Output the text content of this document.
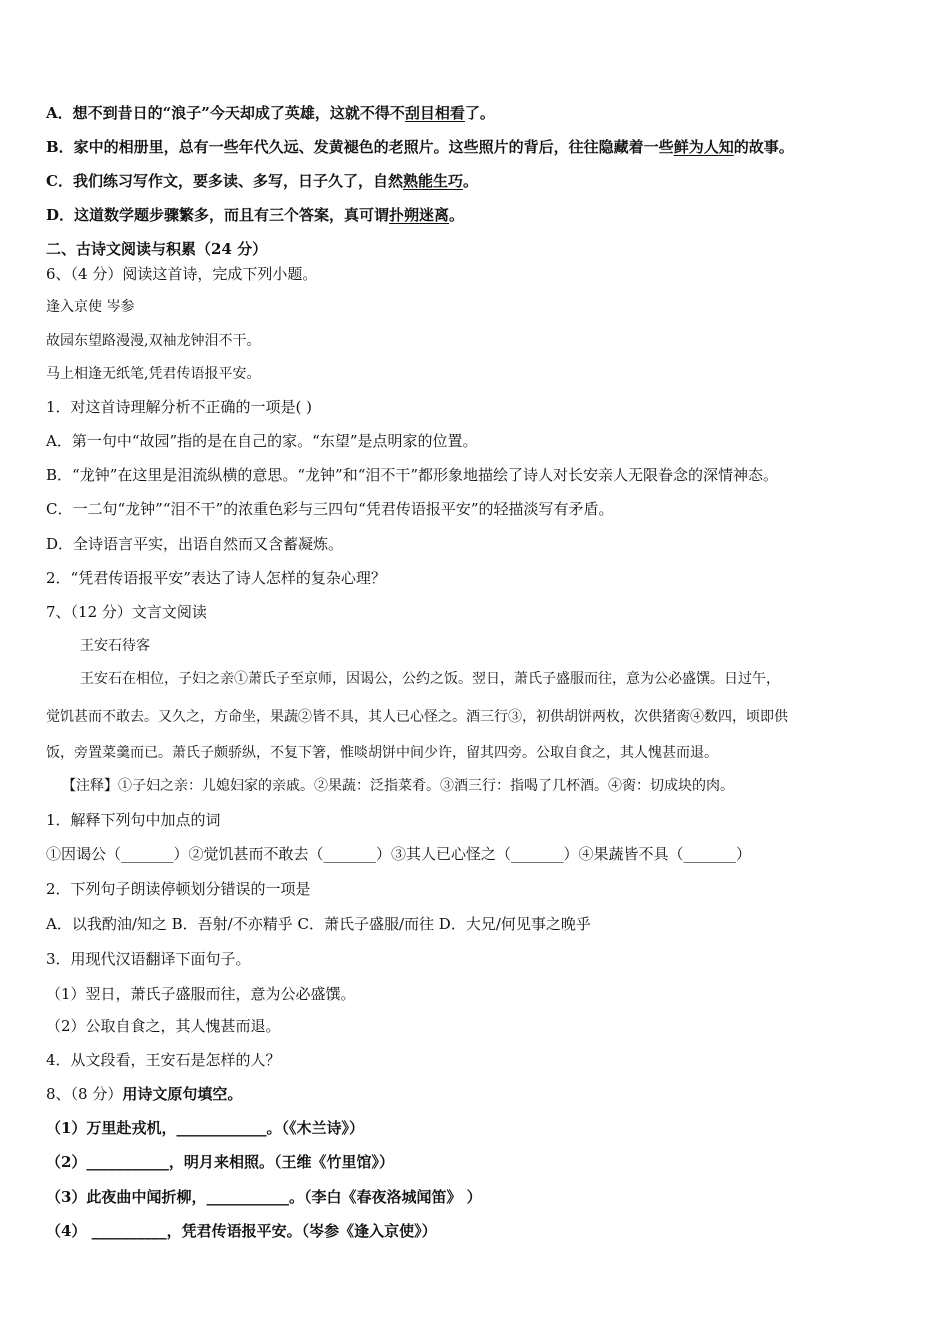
A．想不到昔日的“浪子”今天却成了英雄，这就不得不刮目相看了。
B．家中的相册里，总有一些年代久远、发黄褪色的老照片。这些照片的背后，往往隐藏着一些鲜为人知的故事。
C．我们练习写作文，要多读、多写，日子久了，自然熟能生巧。
D．这道数学题步骤繁多，而且有三个答案，真可谓扑朔迷离。
二、古诗文阅读与积累（24 分）
6、（4 分）阅读这首诗，完成下列小题。
逢入京使 岑参
故园东望路漫漫,双袖龙钟泪不干。
马上相逢无纸笔,凭君传语报平安。
1．对这首诗理解分析不正确的一项是( )
A．第一句中“故园”指的是在自己的家。“东望”是点明家的位置。
B．“龙钟”在这里是泪流纵横的意思。“龙钟”和“泪不干”都形象地描绘了诗人对长安亲人无限眷念的深情神态。
C．一二句“龙钟”“泪不干”的浓重色彩与三四句“凭君传语报平安”的轻描淡写有矛盾。
D．全诗语言平实，出语自然而又含蓄凝炼。
2．“凭君传语报平安”表达了诗人怎样的复杂心理？
7、（12 分）文言文阅读
王安石待客
王安石在相位，子妇之亲①萧氏子至京师，因谒公，公约之饭。翌日，萧氏子盛服而往，意为公必盛馔。日过午，
觉饥甚而不敢去。又久之，方命坐，果蔬②皆不具，其人已心怪之。酒三行③，初供胡饼两枚，次供猪脔④数四，顷即供
饭，旁置菜羹而已。萧氏子颇骄纵，不复下箸，惟啖胡饼中间少许，留其四旁。公取自食之，其人愧甚而退。
【注释】①子妇之亲：儿媳妇家的亲戚。②果蔬：泛指菜肴。③酒三行：指喝了几杯酒。④脔：切成块的肉。
1．解释下列句中加点的词
①因谒公（_______）②觉饥甚而不敢去（_______）③其人已心怪之（_______）④果蔬皆不具（_______）
2．下列句子朗读停顿划分错误的一项是
A．以我酌油/知之 B．吾射/不亦精乎 C．萧氏子盛服/而往 D．大兄/何见事之晚乎
3．用现代汉语翻译下面句子。
（1）翌日，萧氏子盛服而往，意为公必盛馔。
（2）公取自食之，其人愧甚而退。
4．从文段看，王安石是怎样的人？
8、（8 分）用诗文原句填空。
（1）万里赴戎机，____________。（《木兰诗》）
（2）___________，明月来相照。（王维《竹里馆》）
（3）此夜曲中闻折柳，___________。（李白《春夜洛城闻笛》 ）
（4） __________，凭君传语报平安。（岑参《逢入京使》）
